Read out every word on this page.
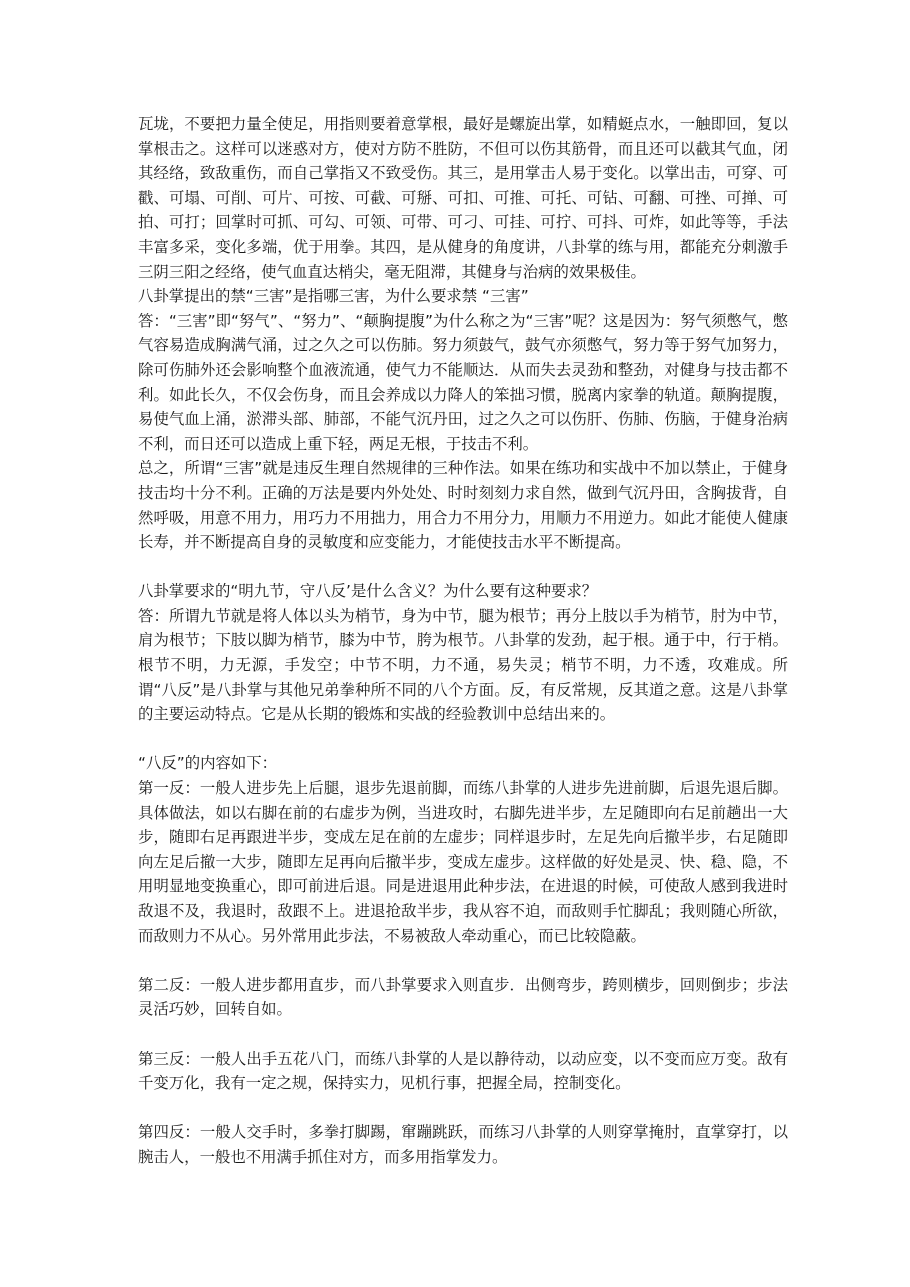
瓦垅，不要把力量全使足，用指则要着意掌根，最好是螺旋出掌，如精蜓点水，一触即回，复以掌根击之。这样可以迷惑对方，使对方防不胜防，不但可以伤其筋骨，而且还可以截其气血，闭其经络，致敌重伤，而自己掌指又不致受伤。其三，是用掌击人易于变化。以掌出击，可穿、可戳、可塌、可削、可片、可按、可截、可掰、可扣、可推、可托、可钻、可翻、可挫、可掸、可拍、可打；回掌时可抓、可勾、可领、可带、可刁、可挂、可拧、可抖、可炸，如此等等，手法丰富多采，变化多端，优于用拳。其四，是从健身的角度讲，八卦掌的练与用，都能充分刺激手三阴三阳之经络，使气血直达梢尖，毫无阻滞，其健身与治病的效果极佳。

八卦掌提出的禁“三害”是指哪三害，为什么要求禁 “三害”

答：“三害”即“努气”、“努力”、“颠胸提腹”为什么称之为“三害”呢？这是因为：努气须憋气，憋气容易造成胸满气涌，过之久之可以伤肺。努力须鼓气，鼓气亦须憋气，努力等于努气加努力，除可伤肺外还会影响整个血液流通，使气力不能顺达．从而失去灵劲和整劲，对健身与技击都不利。如此长久，不仅会伤身，而且会养成以力降人的笨拙习惯，脱离内家拳的轨道。颠胸提腹，易使气血上涌，淤滞头部、肺部，不能气沉丹田，过之久之可以伤肝、伤肺、伤脑，于健身治病不利，而日还可以造成上重下轻，两足无根，于技击不利。

总之，所谓“三害”就是违反生理自然规律的三种作法。如果在练功和实战中不加以禁止，于健身技击均十分不利。正确的万法是要内外处处、时时刻刻力求自然，做到气沉丹田，含胸拔背，自然呼吸，用意不用力，用巧力不用拙力，用合力不用分力，用顺力不用逆力。如此才能使人健康长寿，并不断提高自身的灵敏度和应变能力，才能使技击水平不断提高。

八卦掌要求的“明九节，守八反’是什么含义？为什么要有这种要求？

答：所谓九节就是将人体以头为梢节，身为中节，腿为根节；再分上肢以手为梢节，肘为中节，肩为根节；下肢以脚为梢节，膝为中节，胯为根节。八卦掌的发劲，起于根。通于中，行于梢。根节不明，力无源，手发空；中节不明，力不通，易失灵；梢节不明，力不透，攻难成。所谓“八反”是八卦掌与其他兄弟拳种所不同的八个方面。反，有反常规，反其道之意。这是八卦掌的主要运动特点。它是从长期的锻炼和实战的经验教训中总结出来的。

“八反”的内容如下：

第一反：一般人进步先上后腿，退步先退前脚，而练八卦掌的人进步先进前脚，后退先退后脚。具体做法，如以右脚在前的右虚步为例，当进攻时，右脚先进半步，左足随即向右足前趟出一大步，随即右足再跟进半步，变成左足在前的左虚步；同样退步时，左足先向后撤半步，右足随即向左足后撤一大步，随即左足再向后撤半步，变成左虚步。这样做的好处是灵、快、稳、隐，不用明显地变换重心，即可前进后退。同是进退用此种步法，在进退的时候，可使敌人感到我进时敌退不及，我退时，敌跟不上。进退抢敌半步，我从容不迫，而敌则手忙脚乱；我则随心所欲，而敌则力不从心。另外常用此步法，不易被敌人牵动重心，而已比较隐蔽。

第二反：一般人进步都用直步，而八卦掌要求入则直步．出侧弯步，跨则横步，回则倒步；步法灵活巧妙，回转自如。

第三反：一般人出手五花八门，而练八卦掌的人是以静待动，以动应变，以不变而应万变。敌有千变万化，我有一定之规，保持实力，见机行事，把握全局，控制变化。

第四反：一般人交手时，多拳打脚踢，窜蹦跳跃，而练习八卦掌的人则穿掌掩肘，直掌穿打，以腕击人，一般也不用满手抓住对方，而多用指掌发力。
